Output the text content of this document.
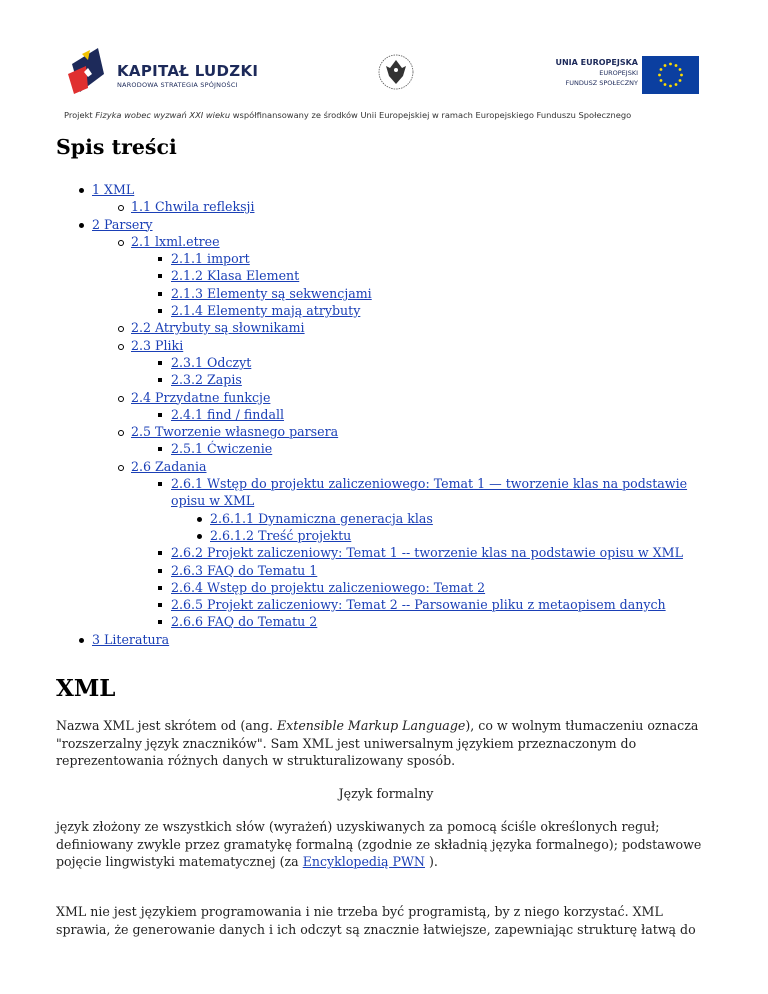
KAPITAŁ LUDZKI
NARODOWA STRATEGIA SPÓJNOŚCI
UNIA EUROPEJSKA
EUROPEJSKI
FUNDUSZ SPOŁECZNY
Projekt Fizyka wobec wyzwań XXI wieku współfinansowany ze środków Unii Europejskiej w ramach Europejskiego Funduszu Społecznego
Spis treści
1 XML
1.1 Chwila refleksji
2 Parsery
2.1 lxml.etree
2.1.1 import
2.1.2 Klasa Element
2.1.3 Elementy są sekwencjami
2.1.4 Elementy mają atrybuty
2.2 Atrybuty są słownikami
2.3 Pliki
2.3.1 Odczyt
2.3.2 Zapis
2.4 Przydatne funkcje
2.4.1 find / findall
2.5 Tworzenie własnego parsera
2.5.1 Ćwiczenie
2.6 Zadania
2.6.1 Wstęp do projektu zaliczeniowego: Temat 1 — tworzenie klas na podstawie opisu w XML
2.6.1.1 Dynamiczna generacja klas
2.6.1.2 Treść projektu
2.6.2 Projekt zaliczeniowy: Temat 1 -- tworzenie klas na podstawie opisu w XML
2.6.3 FAQ do Tematu 1
2.6.4 Wstęp do projektu zaliczeniowego: Temat 2
2.6.5 Projekt zaliczeniowy: Temat 2 -- Parsowanie pliku z metaopisem danych
2.6.6 FAQ do Tematu 2
3 Literatura
XML
Nazwa XML jest skrótem od (ang. Extensible Markup Language), co w wolnym tłumaczeniu oznacza "rozszerzalny język znaczników". Sam XML jest uniwersalnym językiem przeznaczonym do reprezentowania różnych danych w strukturalizowany sposób.
Język formalny
język złożony ze wszystkich słów (wyrażeń) uzyskiwanych za pomocą ściśle określonych reguł; definiowany zwykle przez gramatykę formalną (zgodnie ze składnią języka formalnego); podstawowe pojęcie lingwistyki matematycznej (za Encyklopedią PWN ).
XML nie jest językiem programowania i nie trzeba być programistą, by z niego korzystać. XML sprawia, że generowanie danych i ich odczyt są znacznie łatwiejsze, zapewniając strukturę łatwą do
